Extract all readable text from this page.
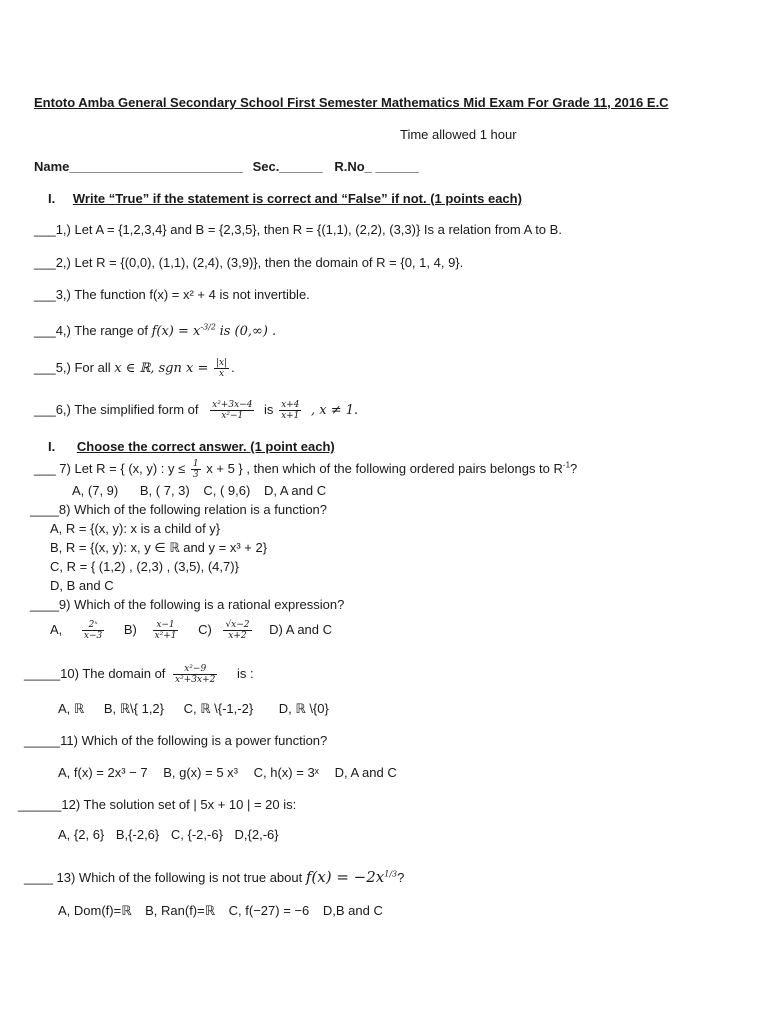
Entoto Amba General Secondary School First Semester Mathematics Mid Exam For Grade 11, 2016 E.C
Time allowed 1 hour
Name________________________ Sec.______ R.No_ ______
I. Write “True” if the statement is correct and “False” if not. (1 points each)
___1,) Let A = {1,2,3,4} and B = {2,3,5}, then R = {(1,1), (2,2), (3,3)} Is a relation from A to B.
___2,) Let R = {(0,0), (1,1), (2,4), (3,9)}, then the domain of R = {0, 1, 4, 9}.
___3,) The function f(x) = x² + 4 is not invertible.
___4,) The range of $f(x) = x^{-3/2}$ is (0,∞) .
___5,) For all x ∈ ℝ, sgn $x = \frac{|x|}{x}$ .
___6,) The simplified form of $\frac{\text{x²+3x−4}}{\text{x²−1}}$ is $\frac{x+4}{x+1}$ , x ≠ 1.
I. Choose the correct answer. (1 point each)
___ 7) Let R = { (x, y) : $y \le \frac{1}{3}$ x + 5 } , then which of the following ordered pairs belongs to $R^{-1}$?
A, (7, 9) B, ( 7, 3) C, ( 9,6) D, A and C
____8) Which of the following relation is a function?
A, R = {(x, y): x is a child of y}
B, R = {(x, y): x, y ∈ ℝ and y = x³ + 2}
C, R = { (1,2) , (2,3) , (3,5), (4,7)}
D, B and C
____9) Which of the following is a rational expression?
A, $\frac{\text{2ˣ}}{x-3} B) \frac{x-1}{\text{x²+1}} C) \frac{√x-2}{x+2} D$) A and C
_____10) The domain of $\frac{\text{x²−9}}{\text{x²+3x+2}}$ is :
A, ℝ B, ℝ\{ 1,2} C, ℝ \{-1,-2} D, ℝ \{0}
_____11) Which of the following is a power function?
A, f(x) = 2x³ − 7 B, g(x) = 5 x³ C, h(x) = 3ˣ D, A and C
______12) The solution set of | 5x + 10 | = 20 is:
A, {2, 6} B,{-2,6} C, {-2,-6} D,{2,-6}
____ 13) Which of the following is not true about $f(x) = -2x^{1/3}$?
A, Dom(f)=ℝ B, Ran(f)=ℝ C, f(−27) = −6 D,B and C
